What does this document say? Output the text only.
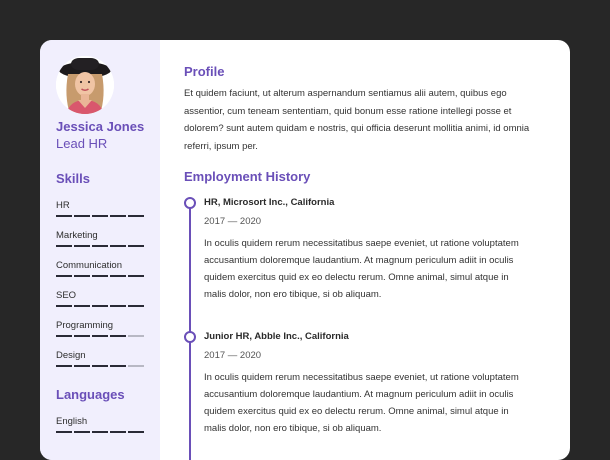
Jessica Jones
Lead HR
Skills
HR
Marketing
Communication
SEO
Programming
Design
Languages
English
Profile
Et quidem faciunt, ut alterum aspernandum sentiamus alii autem, quibus ego assentior, cum teneam sententiam, quid bonum esse ratione intellegi posse et dolorem? sunt autem quidam e nostris, qui officia deserunt mollitia animi, id omnia referri, ipsum per.
Employment History
HR, Microsort Inc., California
2017 — 2020
In oculis quidem rerum necessitatibus saepe eveniet, ut ratione voluptatem accusantium doloremque laudantium. At magnum periculum adiit in oculis quidem exercitus quid ex eo delectu rerum. Omne animal, simul atque in malis dolor, non ero tibique, si ob aliquam.
Junior HR, Abble Inc., California
2017 — 2020
In oculis quidem rerum necessitatibus saepe eveniet, ut ratione voluptatem accusantium doloremque laudantium. At magnum periculum adiit in oculis quidem exercitus quid ex eo delectu rerum. Omne animal, simul atque in malis dolor, non ero tibique, si ob aliquam.
